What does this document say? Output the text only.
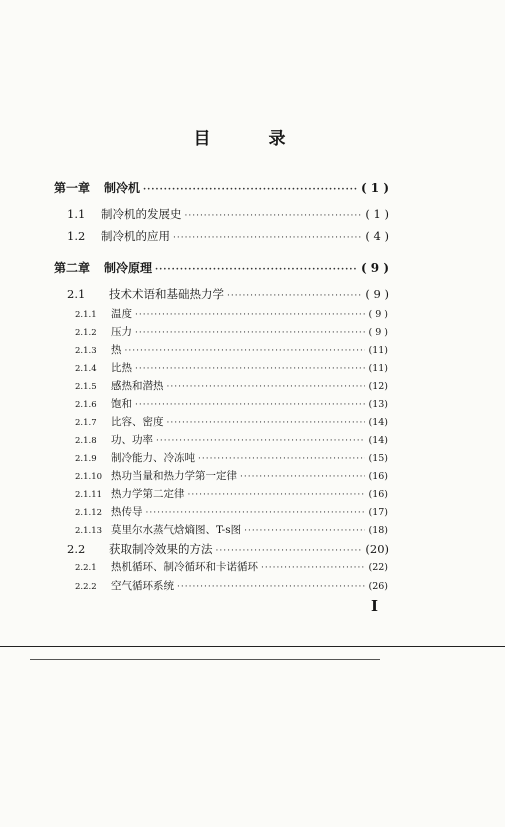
目 录
第一章 制冷机 ·····	( 1 )
1.1	制冷机的发展史 ·····	( 1 )
1.2	制冷机的应用 ·····	( 4 )
第二章 制冷原理 ·····	( 9 )
2.1	技术术语和基础热力学 ·····	( 9 )
2.1.1	温度 ·····	( 9 )
2.1.2	压力 ·····	( 9 )
2.1.3	热 ·····	(11)
2.1.4	比热 ·····	(11)
2.1.5	感热和潜热 ·····	(12)
2.1.6	饱和 ·····	(13)
2.1.7	比容、密度 ·····	(14)
2.1.8	功、功率 ·····	(14)
2.1.9	制冷能力、冷冻吨 ·····	(15)
2.1.10 热功当量和热力学第一定律 ·····	(16)
2.1.11 热力学第二定律 ·····	(16)
2.1.12 热传导 ·····	(17)
2.1.13 莫里尔水蒸气焓熵图、T-s图 ·····	(18)
2.2	获取制冷效果的方法 ·····	(20)
2.2.1	热机循环、制冷循环和卡诺循环 ·····	(22)
2.2.2	空气循环系统 ·····	(26)
I
